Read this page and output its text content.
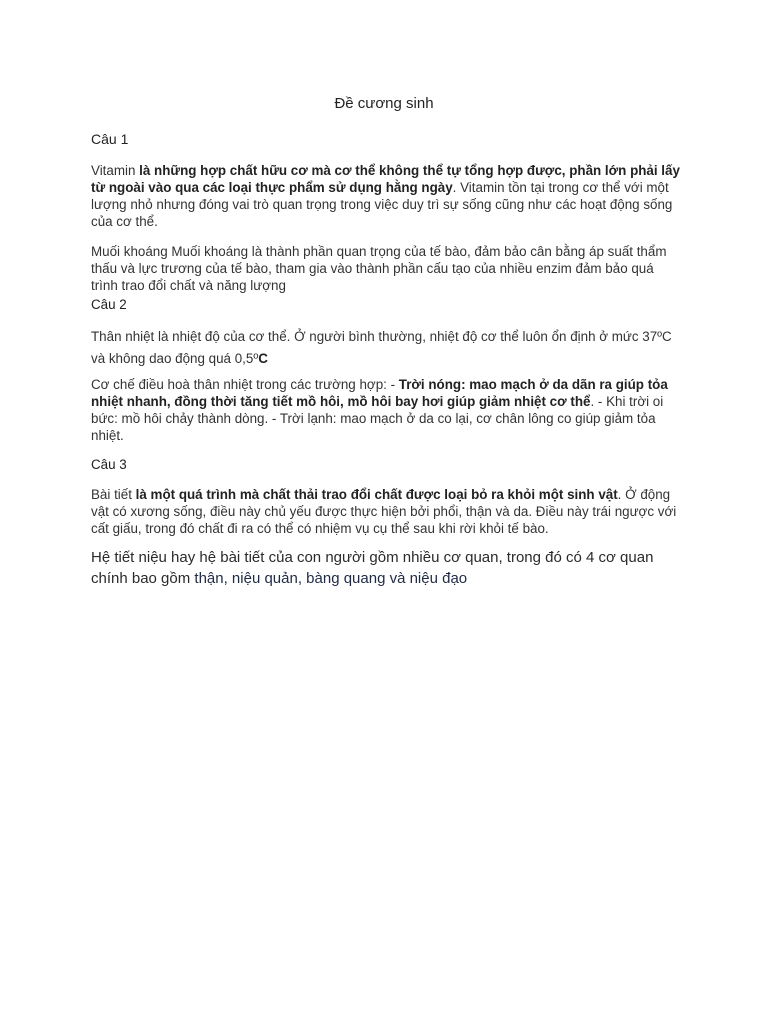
Đề cương sinh
Câu 1
Vitamin là những hợp chất hữu cơ mà cơ thể không thể tự tổng hợp được, phần lớn phải lấy từ ngoài vào qua các loại thực phẩm sử dụng hằng ngày. Vitamin tồn tại trong cơ thể với một lượng nhỏ nhưng đóng vai trò quan trọng trong việc duy trì sự sống cũng như các hoạt động sống của cơ thể.
Muối khoáng Muối khoáng là thành phần quan trọng của tế bào, đảm bảo cân bằng áp suất thẩm thấu và lực trương của tế bào, tham gia vào thành phần cấu tạo của nhiều enzim đảm bảo quá trình trao đổi chất và năng lượng
Câu 2
Thân nhiệt là nhiệt độ của cơ thể. Ở người bình thường, nhiệt độ cơ thể luôn ổn định ở mức 37ºC và không dao động quá 0,5ºC
Cơ chế điều hoà thân nhiệt trong các trường hợp: - Trời nóng: mao mạch ở da dãn ra giúp tỏa nhiệt nhanh, đồng thời tăng tiết mồ hôi, mồ hôi bay hơi giúp giảm nhiệt cơ thể. - Khi trời oi bức: mồ hôi chảy thành dòng. - Trời lạnh: mao mạch ở da co lại, cơ chân lông co giúp giảm tỏa nhiệt.
Câu 3
Bài tiết là một quá trình mà chất thải trao đổi chất được loại bỏ ra khỏi một sinh vật. Ở động vật có xương sống, điều này chủ yếu được thực hiện bởi phổi, thận và da. Điều này trái ngược với cất giấu, trong đó chất đi ra có thể có nhiệm vụ cụ thể sau khi rời khỏi tế bào.
Hệ tiết niệu hay hệ bài tiết của con người gồm nhiều cơ quan, trong đó có 4 cơ quan chính bao gồm thận, niệu quản, bàng quang và niệu đạo
